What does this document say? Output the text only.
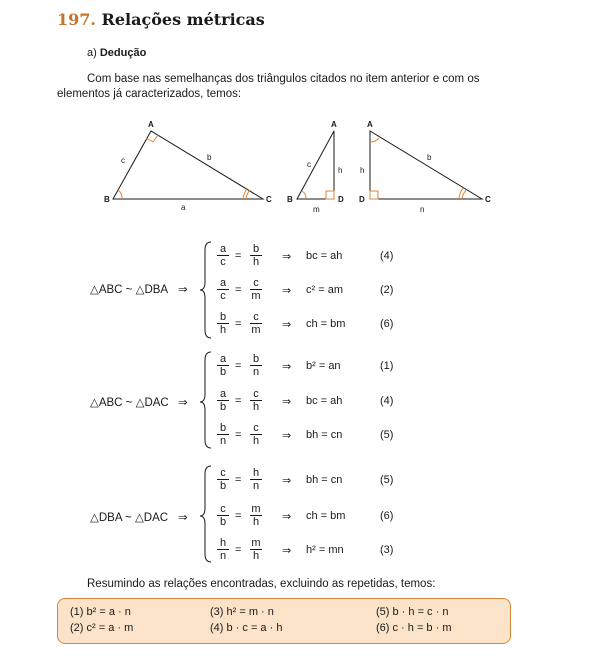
197. Relações métricas
a) Dedução
Com base nas semelhanças dos triângulos citados no item anterior e com os elementos já caracterizados, temos:
A
B	C
a
b
c
A
B	D
c
h
m
A
D	C
h
b
n
△ABC ~ △DBA ⇒
$\frac{a}{c} = \frac{b}{h}$ ⇒ bc = ah	(4)
$\frac{a}{c} = \frac{c}{m}$ ⇒ c² = am	(2)
$\frac{b}{h} = \frac{c}{m}$ ⇒ ch = bm	(6)
△ABC ~ △DAC ⇒
$\frac{a}{b} = \frac{b}{n}$ ⇒ b² = an	(1)
$\frac{a}{b} = \frac{c}{h}$ ⇒ bc = ah	(4)
$\frac{b}{n} = \frac{c}{h}$ ⇒ bh = cn	(5)
△DBA ~ △DAC ⇒
$\frac{c}{b} = \frac{h}{n}$ ⇒ bh = cn	(5)
$\frac{c}{b} = \frac{m}{h}$ ⇒ ch = bm	(6)
$\frac{h}{n} = \frac{m}{h}$ ⇒ h² = mn	(3)
Resumindo as relações encontradas, excluindo as repetidas, temos:
(1) b² = a · n	(3) h² = m · n	(5) b · h = c · n
(2) c² = a · m	(4) b · c = a · h	(6) c · h = b · m
